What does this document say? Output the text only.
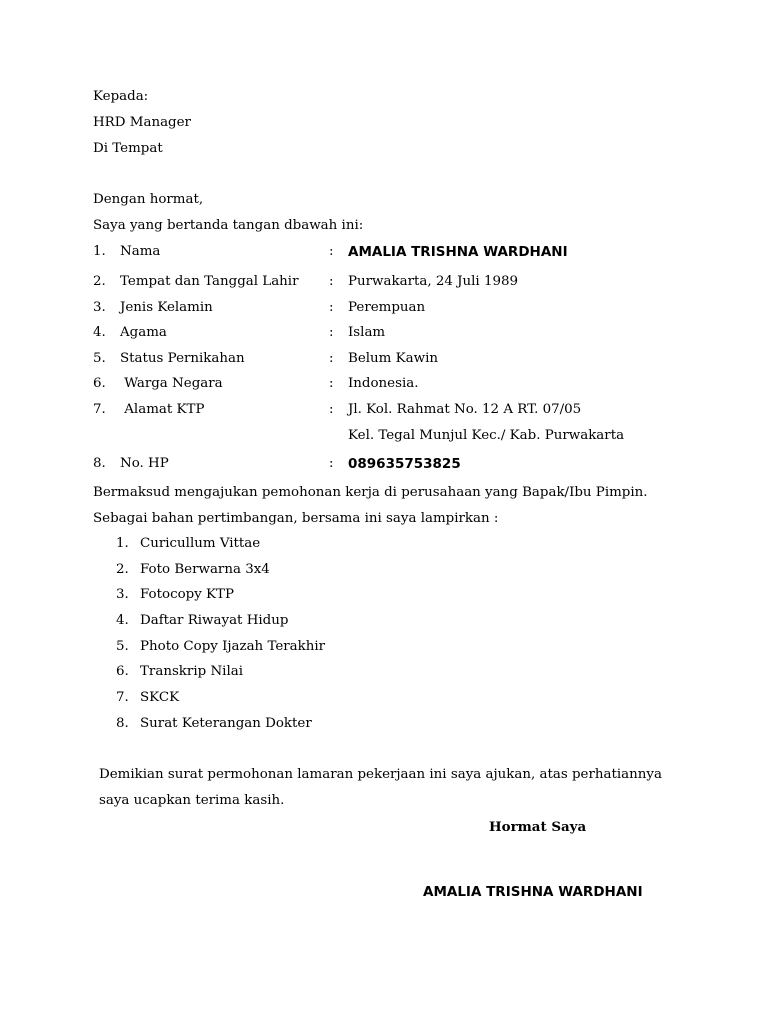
Kepada:
HRD Manager
Di Tempat
Dengan hormat,
Saya yang bertanda tangan dbawah ini:
1. Nama	: AMALIA TRISHNA WARDHANI
2. Tempat dan Tanggal Lahir : Purwakarta, 24 Juli 1989
3. Jenis Kelamin	: Perempuan
4. Agama	: Islam
5. Status Pernikahan	: Belum Kawin
6. Warga Negara	: Indonesia.
7. Alamat KTP	: Jl. Kol. Rahmat No. 12 A RT. 07/05
Kel. Tegal Munjul Kec./ Kab. Purwakarta
8. No. HP	: 089635753825
Bermaksud mengajukan pemohonan kerja di perusahaan yang Bapak/Ibu Pimpin.
Sebagai bahan pertimbangan, bersama ini saya lampirkan :
1. Curicullum Vittae
2. Foto Berwarna 3x4
3. Fotocopy KTP
4. Daftar Riwayat Hidup
5. Photo Copy Ijazah Terakhir
6. Transkrip Nilai
7. SKCK
8. Surat Keterangan Dokter
Demikian surat permohonan lamaran pekerjaan ini saya ajukan, atas perhatiannya
saya ucapkan terima kasih.
Hormat Saya
AMALIA TRISHNA WARDHANI
